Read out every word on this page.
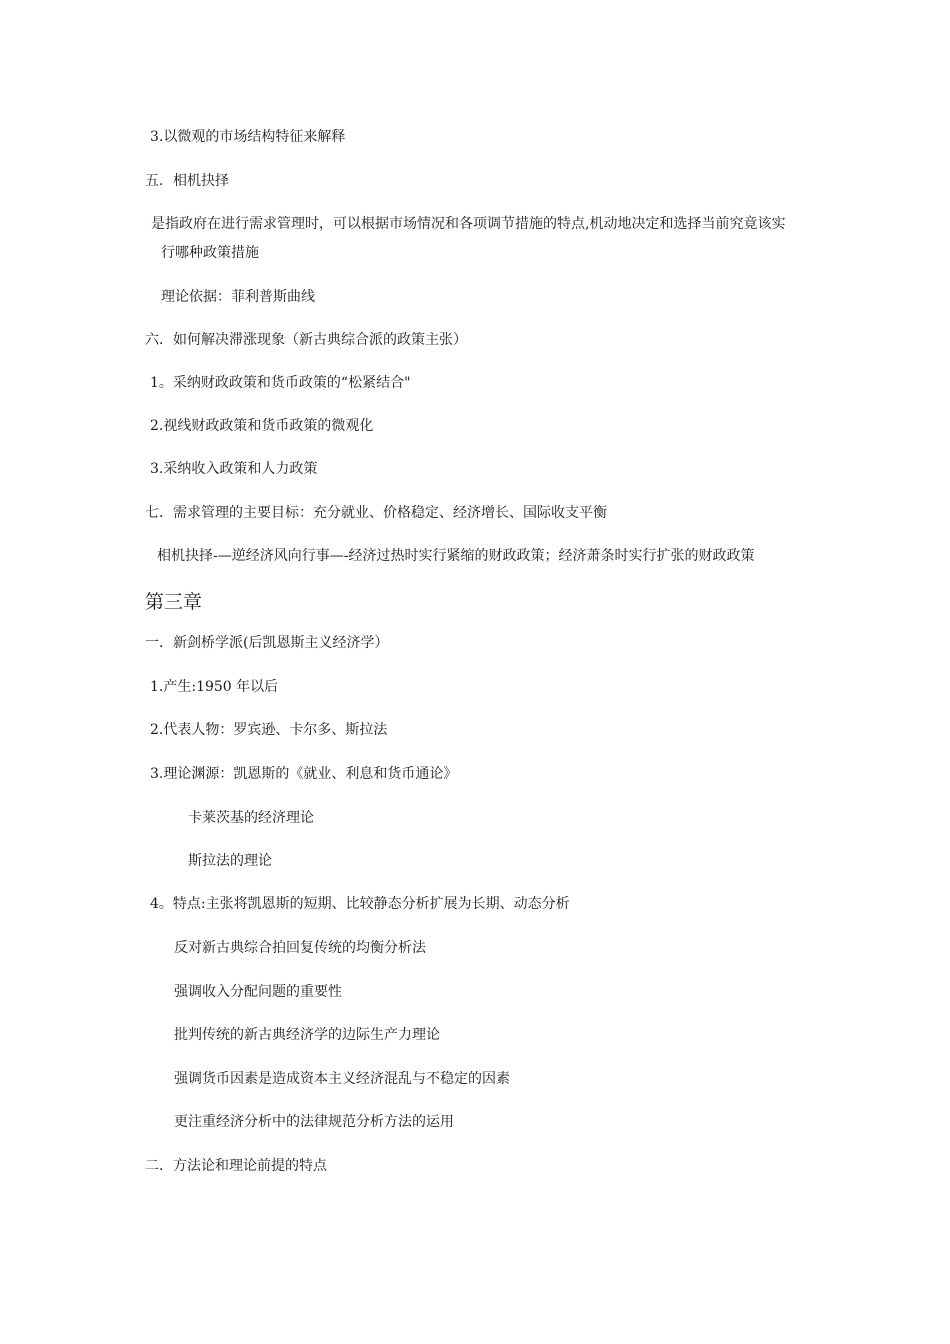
3.以微观的市场结构特征来解释
五．相机抉择
是指政府在进行需求管理时，可以根据市场情况和各项调节措施的特点,机动地决定和选择当前究竟该实
行哪种政策措施
理论依据：菲利普斯曲线
六．如何解决滞涨现象（新古典综合派的政策主张）
1。采纳财政政策和货币政策的“松紧结合"
2.视线财政政策和货币政策的微观化
3.采纳收入政策和人力政策
七．需求管理的主要目标：充分就业、价格稳定、经济增长、国际收支平衡
相机抉择-—逆经济风向行事—-经济过热时实行紧缩的财政政策；经济萧条时实行扩张的财政政策
第三章
一．新剑桥学派(后凯恩斯主义经济学）
1.产生:1950 年以后
2.代表人物：罗宾逊、卡尔多、斯拉法
3.理论渊源：凯恩斯的《就业、利息和货币通论》
卡莱茨基的经济理论
斯拉法的理论
4。特点:主张将凯恩斯的短期、比较静态分析扩展为长期、动态分析
反对新古典综合拍回复传统的均衡分析法
强调收入分配问题的重要性
批判传统的新古典经济学的边际生产力理论
强调货币因素是造成资本主义经济混乱与不稳定的因素
更注重经济分析中的法律规范分析方法的运用
二．方法论和理论前提的特点
